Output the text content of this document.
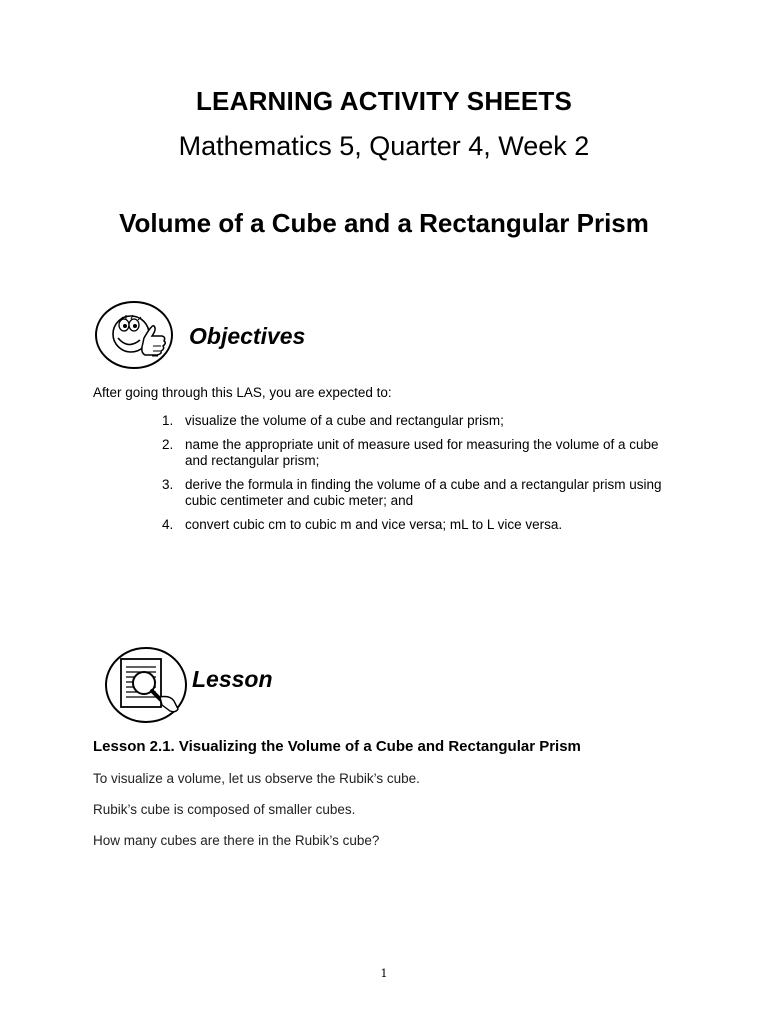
LEARNING ACTIVITY SHEETS
Mathematics 5, Quarter 4, Week 2
Volume of a Cube and a Rectangular Prism
Objectives
After going through this LAS, you are expected to:
1. visualize the volume of a cube and rectangular prism;
2. name the appropriate unit of measure used for measuring the volume of a cube and rectangular prism;
3. derive the formula in finding the volume of a cube and a rectangular prism using cubic centimeter and cubic meter; and
4. convert cubic cm to cubic m and vice versa; mL to L vice versa.
Lesson
Lesson 2.1. Visualizing the Volume of a Cube and Rectangular Prism
To visualize a volume, let us observe the Rubik’s cube.
Rubik’s cube is composed of smaller cubes.
How many cubes are there in the Rubik’s cube?
1
